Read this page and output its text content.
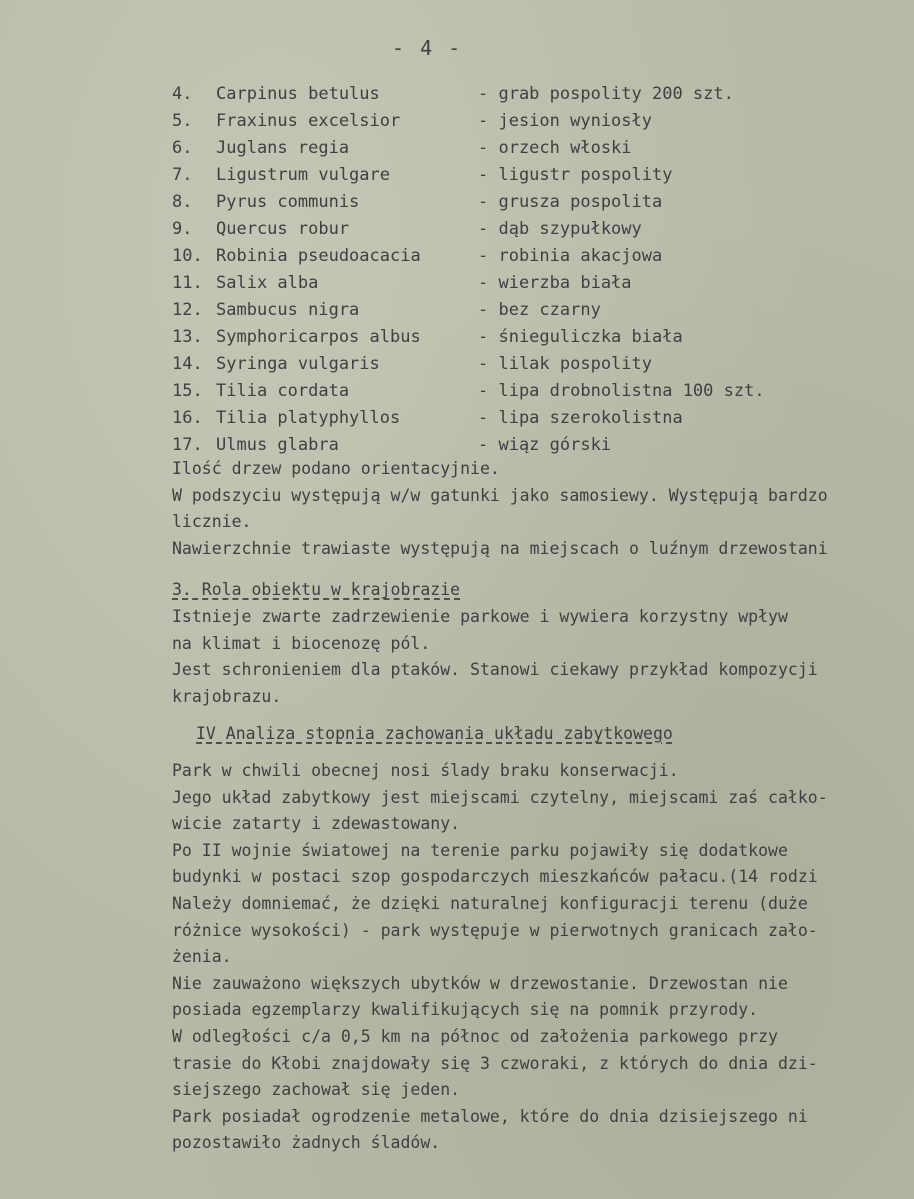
- 4 -
4. Carpinus betulus	- grab pospolity 200 szt.
5. Fraxinus excelsior	- jesion wyniosły
6. Juglans regia	- orzech włoski
7. Ligustrum vulgare	- ligustr pospolity
8. Pyrus communis	- grusza pospolita
9. Quercus robur	- dąb szypułkowy
10. Robinia pseudoacacia	- robinia akacjowa
11. Salix alba	- wierzba biała
12. Sambucus nigra	- bez czarny
13. Symphoricarpos albus	- śnieguliczka biała
14. Syringa vulgaris	- lilak pospolity
15. Tilia cordata	- lipa drobnolistna 100 szt.
16. Tilia platyphyllos	- lipa szerokolistna
17. Ulmus glabra	- wiąz górski

Ilość drzew podano orientacyjnie.
W podszyciu występują w/w gatunki jako samosiewy. Występują bardzo
licznie.
Nawierzchnie trawiaste występują na miejscach o luźnym drzewostani

3. Rola obiektu w krajobrazie

Istnieje zwarte zadrzewienie parkowe i wywiera korzystny wpływ
na klimat i biocenozę pól.
Jest schronieniem dla ptaków. Stanowi ciekawy przykład kompozycji
krajobrazu.

IV Analiza stopnia zachowania układu zabytkowego

Park w chwili obecnej nosi ślady braku konserwacji.
Jego układ zabytkowy jest miejscami czytelny, miejscami zaś całko-
wicie zatarty i zdewastowany.
Po II wojnie światowej na terenie parku pojawiły się dodatkowe
budynki w postaci szop gospodarczych mieszkańców pałacu.(14 rodzi
Należy domniemać, że dzięki naturalnej konfiguracji terenu (duże
różnice wysokości) - park występuje w pierwotnych granicach zało-
żenia.
Nie zauważono większych ubytków w drzewostanie. Drzewostan nie
posiada egzemplarzy kwalifikujących się na pomnik przyrody.
W odległości c/a 0,5 km na północ od założenia parkowego przy
trasie do Kłobi znajdowały się 3 czworaki, z których do dnia dzi-
siejszego zachował się jeden.
Park posiadał ogrodzenie metalowe, które do dnia dzisiejszego ni
pozostawiło żadnych śladów.
